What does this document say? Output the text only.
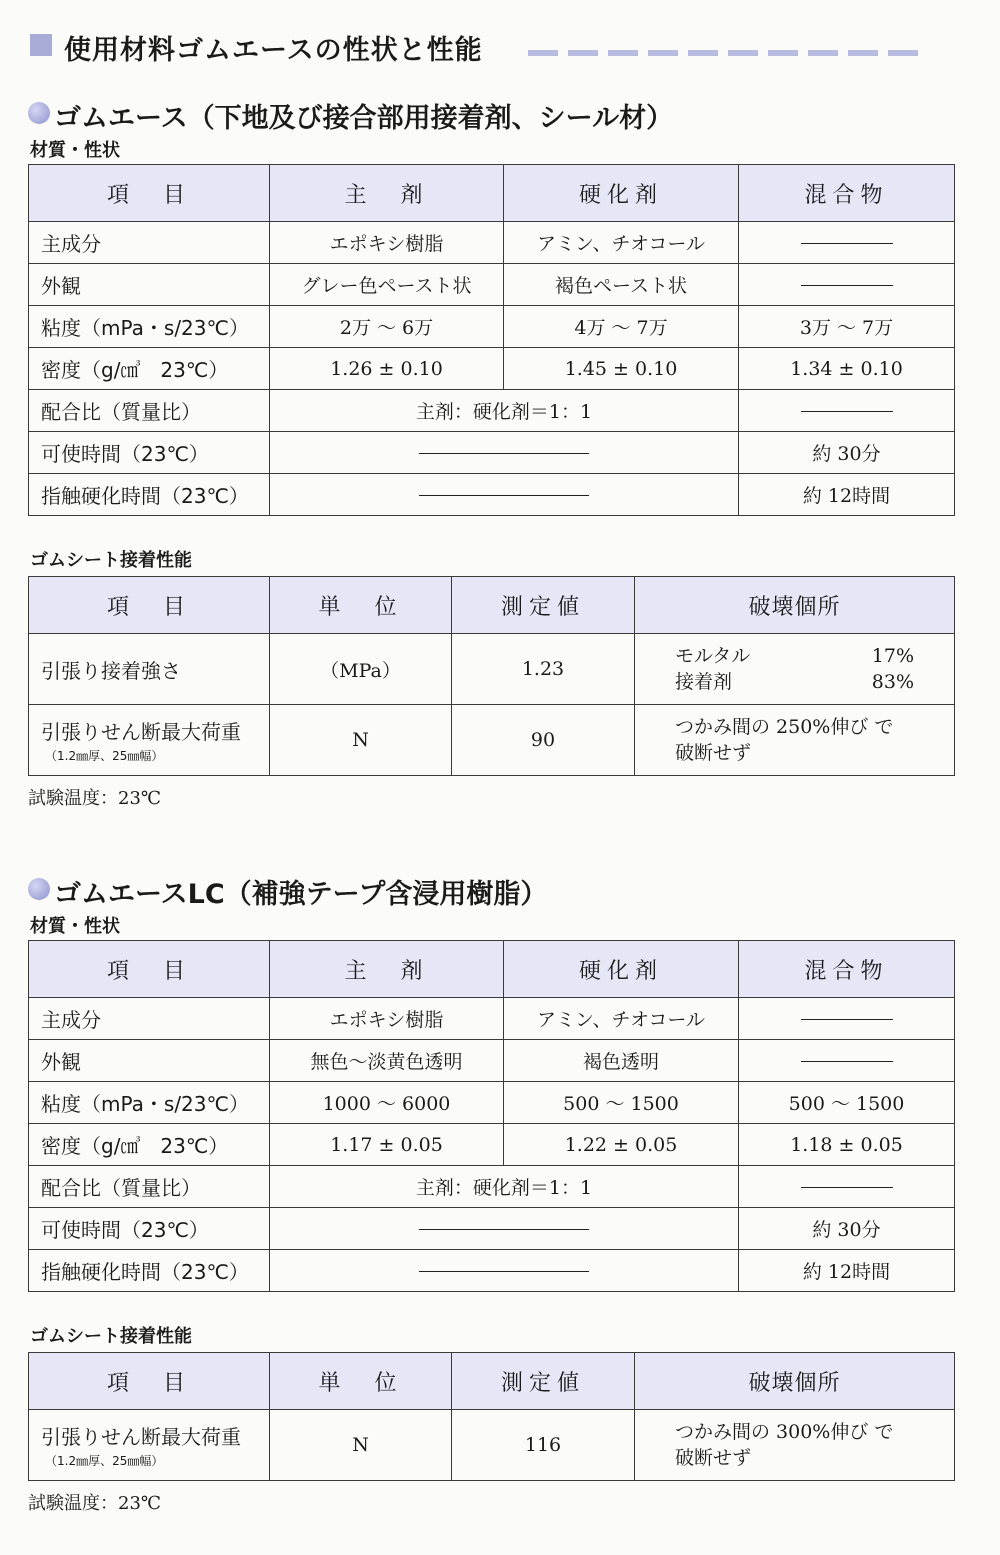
使用材料ゴムエースの性状と性能
ゴムエース（下地及び接合部用接着剤、シール材）
材質・性状
項　目	主　剤	硬化剤	混合物
主成分	エポキシ樹脂	アミン、チオコール	
外観	グレー色ペースト状	褐色ペースト状	
粘度（mPa・s/23℃）	2万 ～ 6万	4万 ～ 7万	3万 ～ 7万
密度（g/㎤　23℃）	1.26 ± 0.10	1.45 ± 0.10	1.34 ± 0.10
配合比（質量比）	主剤：硬化剤＝1：1		
可使時間（23℃）			約 30分
指触硬化時間（23℃）			約 12時間
ゴムシート接着性能
項　目	単　位	測定値	破壊個所
引張り接着強さ	（MPa）	1.23	モルタル 17%
接着剤 83%

引張りせん断最大荷重
（1.2㎜厚、25㎜幅）	N	90	つかみ間の 250%伸び で破断せず
試験温度：23℃
ゴムエースLC（補強テープ含浸用樹脂）
材質・性状
項　目	主　剤	硬化剤	混合物
主成分	エポキシ樹脂	アミン、チオコール	
外観	無色～淡黄色透明	褐色透明	
粘度（mPa・s/23℃）	1000 ～ 6000	500 ～ 1500	500 ～ 1500
密度（g/㎤　23℃）	1.17 ± 0.05	1.22 ± 0.05	1.18 ± 0.05
配合比（質量比）	主剤：硬化剤＝1：1		
可使時間（23℃）			約 30分
指触硬化時間（23℃）			約 12時間
ゴムシート接着性能
項　目	単　位	測定値	破壊個所
引張りせん断最大荷重
（1.2㎜厚、25㎜幅）	N	116	つかみ間の 300%伸び で破断せず
試験温度：23℃
